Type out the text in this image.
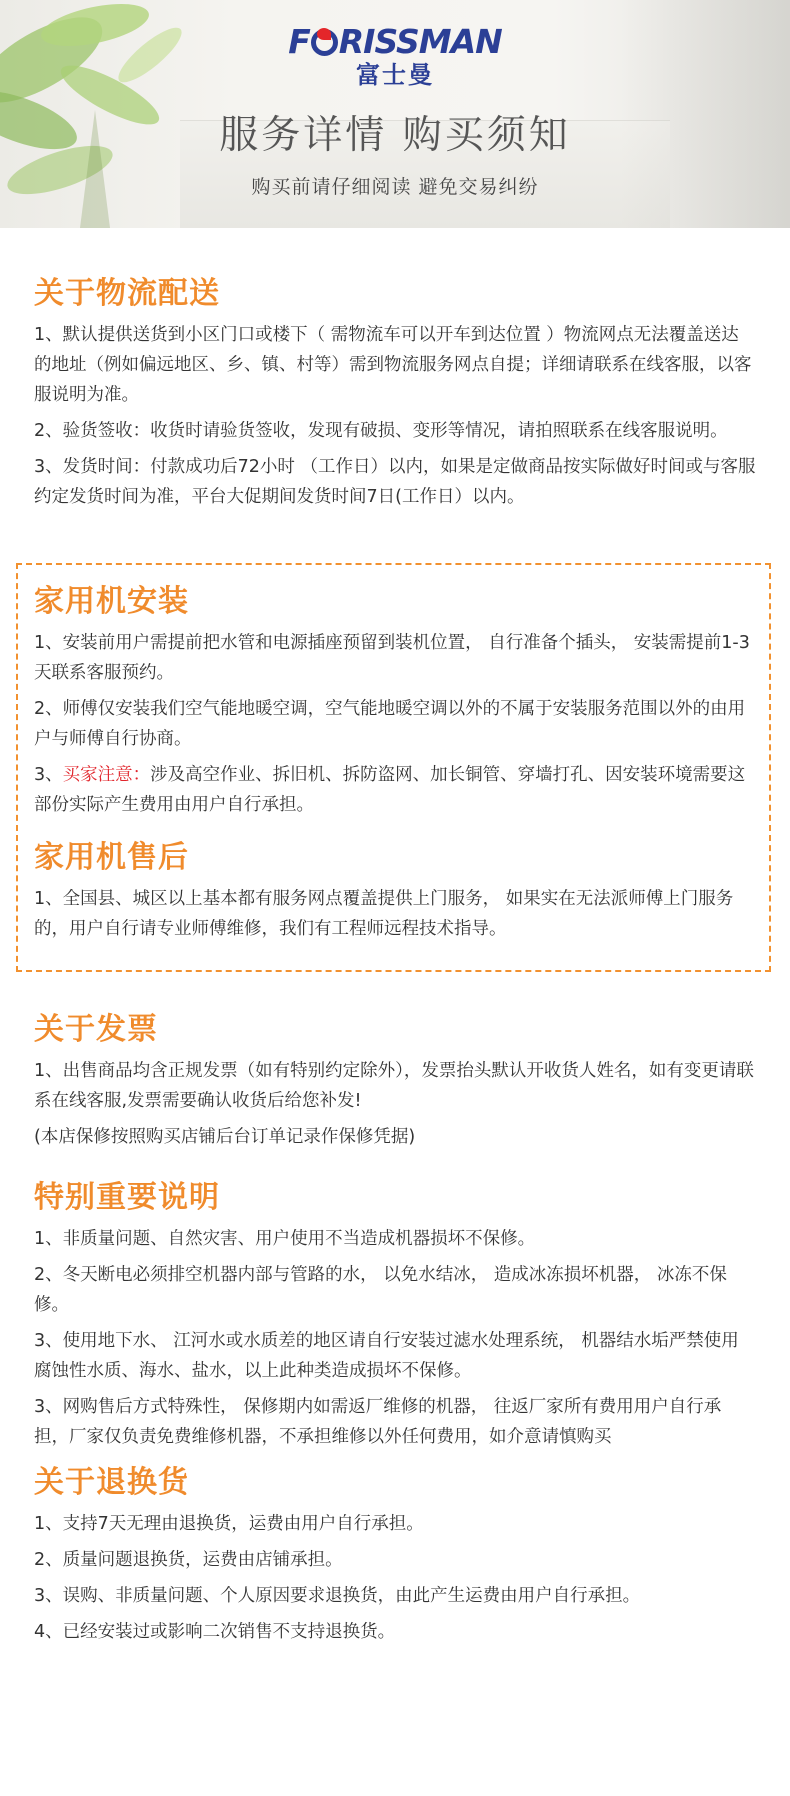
F RISSMAN
富士曼
服务详情 购买须知
购买前请仔细阅读 避免交易纠纷
关于物流配送

1、默认提供送货到小区门口或楼下（ 需物流车可以开车到达位置 ）物流网点无法覆盖送达的地址（例如偏远地区、乡、镇、村等）需到物流服务网点自提；详细请联系在线客服，以客服说明为准。

2、验货签收：收货时请验货签收，发现有破损、变形等情况，请拍照联系在线客服说明。

3、发货时间：付款成功后72小时 （工作日）以内，如果是定做商品按实际做好时间或与客服约定发货时间为准，平台大促期间发货时间7日(工作日）以内。

家用机安装

1、安装前用户需提前把水管和电源插座预留到装机位置， 自行准备个插头， 安装需提前1-3天联系客服预约。

2、师傅仅安装我们空气能地暖空调，空气能地暖空调以外的不属于安装服务范围以外的由用户与师傅自行协商。

3、买家注意：涉及高空作业、拆旧机、拆防盗网、加长铜管、穿墙打孔、因安装环境需要这部份实际产生费用由用户自行承担。

家用机售后

1、全国县、城区以上基本都有服务网点覆盖提供上门服务， 如果实在无法派师傅上门服务的，用户自行请专业师傅维修，我们有工程师远程技术指导。

关于发票

1、出售商品均含正规发票（如有特别约定除外），发票抬头默认开收货人姓名，如有变更请联系在线客服,发票需要确认收货后给您补发!

(本店保修按照购买店铺后台订单记录作保修凭据)

特别重要说明

1、非质量问题、自然灾害、用户使用不当造成机器损坏不保修。

2、冬天断电必须排空机器内部与管路的水， 以免水结冰， 造成冰冻损坏机器， 冰冻不保修。

3、使用地下水、 江河水或水质差的地区请自行安装过滤水处理系统， 机器结水垢严禁使用腐蚀性水质、海水、盐水，以上此种类造成损坏不保修。

3、网购售后方式特殊性， 保修期内如需返厂维修的机器， 往返厂家所有费用用户自行承担，厂家仅负责免费维修机器，不承担维修以外任何费用，如介意请慎购买

关于退换货

1、支持7天无理由退换货，运费由用户自行承担。

2、质量问题退换货，运费由店铺承担。

3、误购、非质量问题、个人原因要求退换货，由此产生运费由用户自行承担。

4、已经安装过或影响二次销售不支持退换货。
